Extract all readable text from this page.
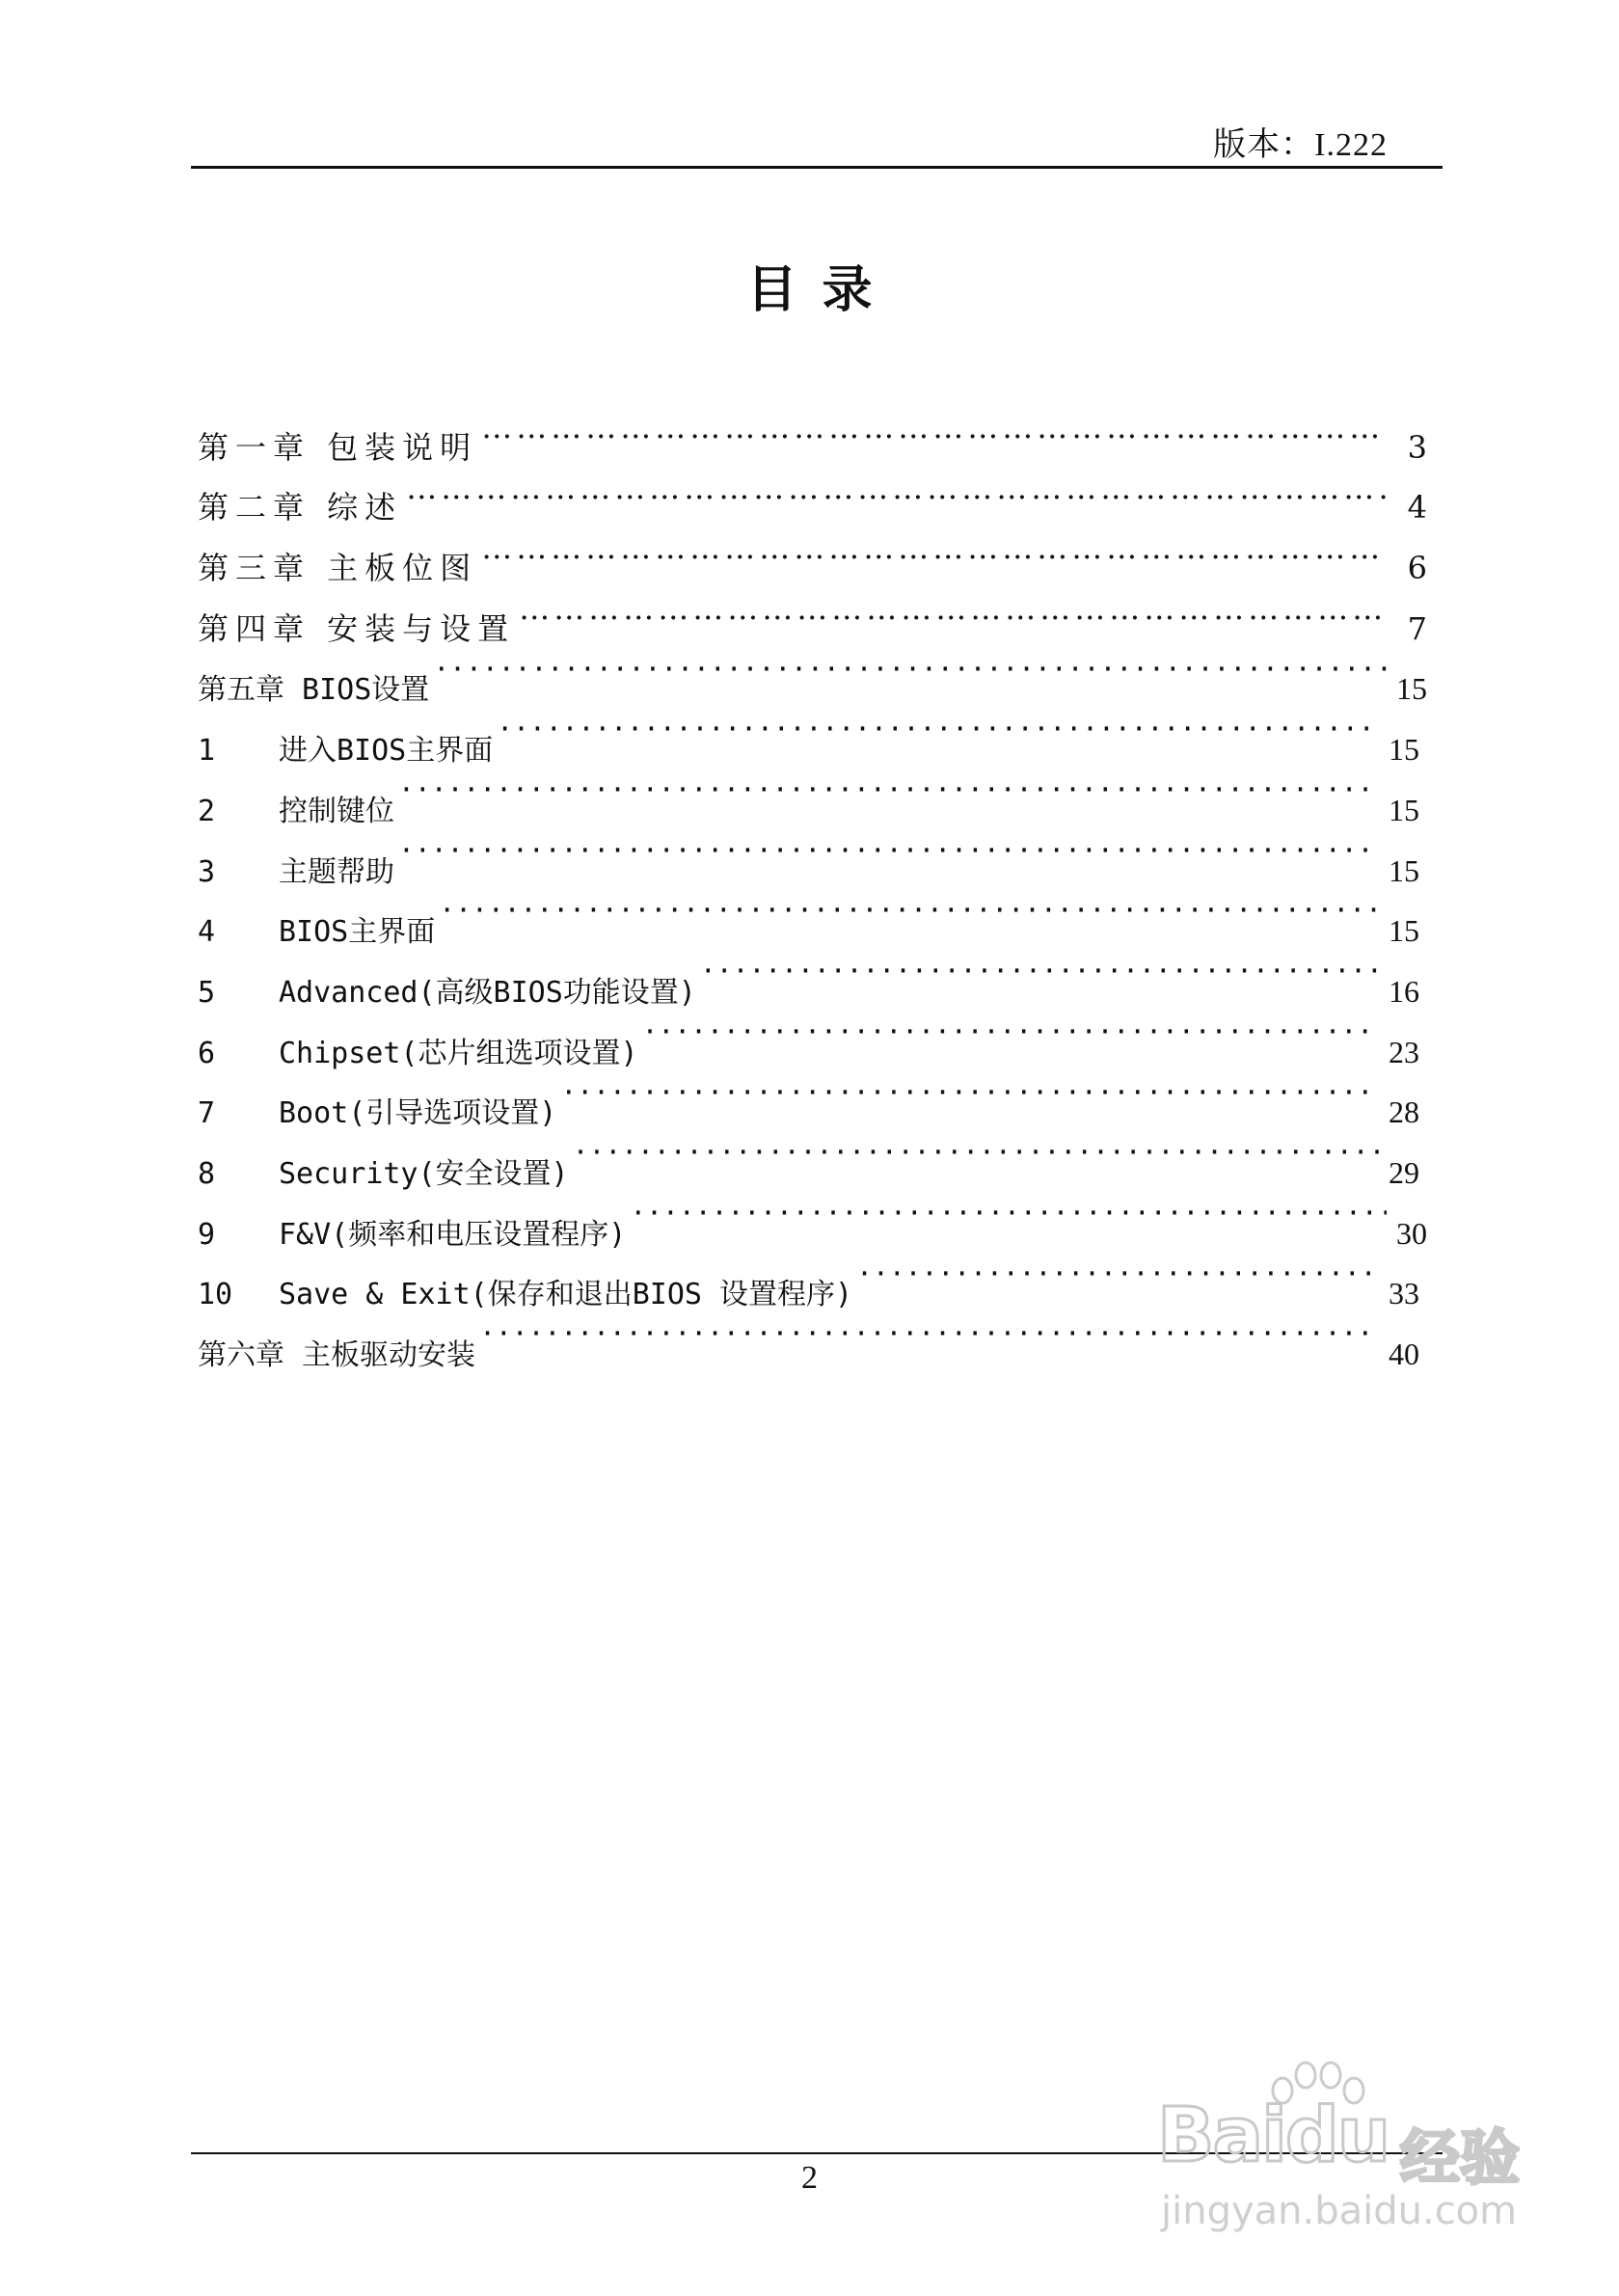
版本：I.222
目录
第一章 包装说明 ……………………………………………………………………………………………………………………………………………………………………………………………………………………………………	3
第二章 综述 ……………………………………………………………………………………………………………………………………………………………………………………………………………………………………	4
第三章 主板位图 ……………………………………………………………………………………………………………………………………………………………………………………………………………………………………	6
第四章 安装与设置 ……………………………………………………………………………………………………………………………………………………………………………………………………………………………………	7
第五章 BIOS设置 ·····	15
1	进入BIOS主界面 ·····	15
2	控制键位 ·····	15
3	主题帮助 ·····	15
4	BIOS主界面 ·····	15
5	Advanced(高级BIOS功能设置) ·····	16
6	Chipset(芯片组选项设置) ·····	23
7	Boot(引导选项设置) ·····	28
8	Security(安全设置) ·····	29
9	F&V(频率和电压设置程序) ·····	30
10	Save & Exit(保存和退出BIOS 设置程序) ·····	33
第六章 主板驱动安装 ·····	40
2	Baidu 经验
jingyan.baidu.com
